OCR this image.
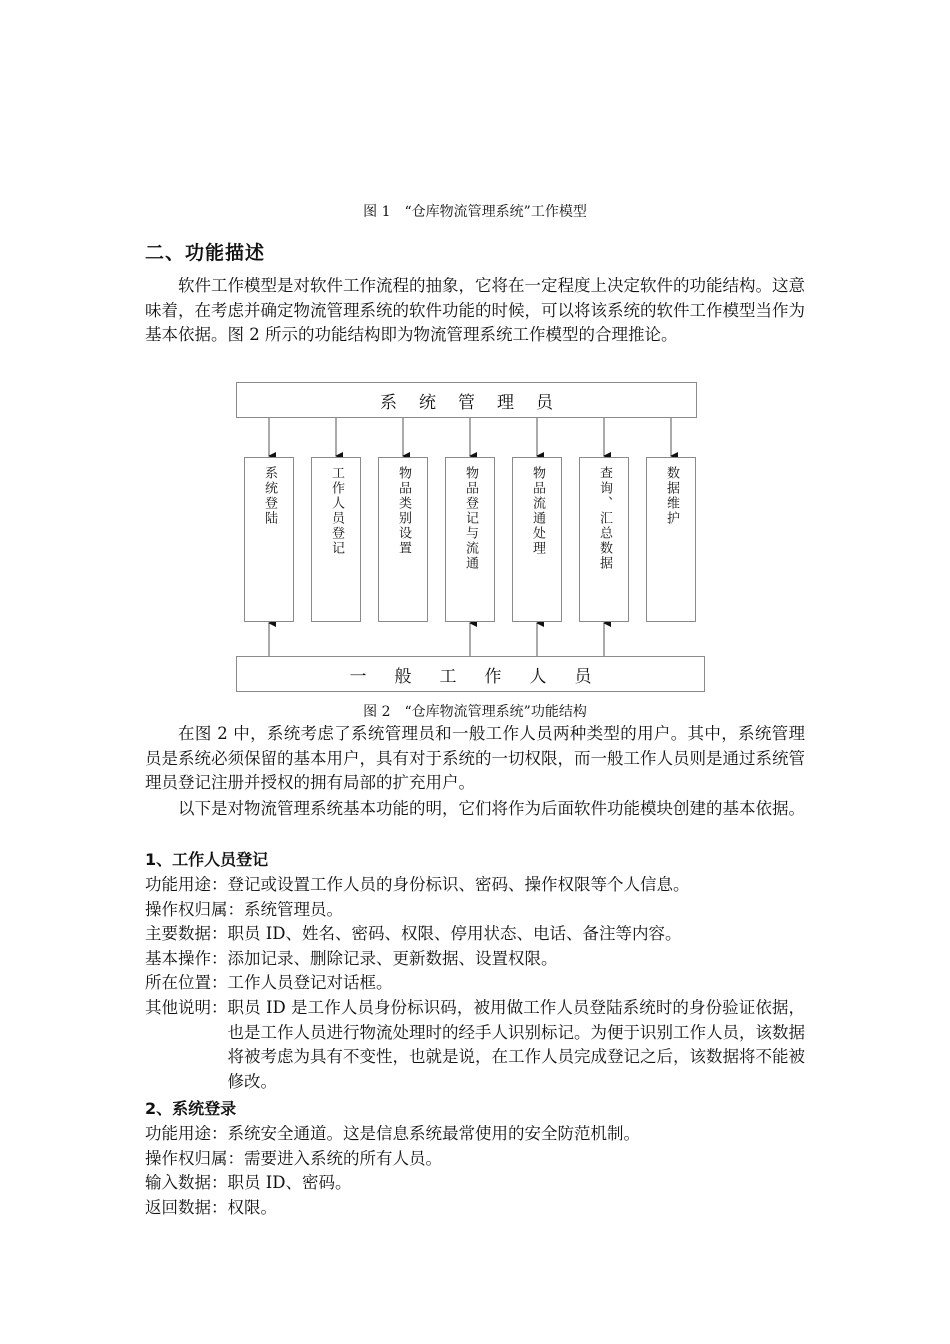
图 1　“仓库物流管理系统”工作模型
二、功能描述

软件工作模型是对软件工作流程的抽象，它将在一定程度上决定软件的功能结构。这意味着，在考虑并确定物流管理系统的软件功能的时候，可以将该系统的软件工作模型当作为基本依据。图 2 所示的功能结构即为物流管理系统工作模型的合理推论。

系统管理员
系统登陆	工作人员登记	物品类别设置	物品登记与流通	物品流通处理	查询、汇总数据	数据维护
一般工作人员
图 2　“仓库物流管理系统”功能结构

在图 2 中，系统考虑了系统管理员和一般工作人员两种类型的用户。其中，系统管理员是系统必须保留的基本用户，具有对于系统的一切权限，而一般工作人员则是通过系统管理员登记注册并授权的拥有局部的扩充用户。

以下是对物流管理系统基本功能的明，它们将作为后面软件功能模块创建的基本依据。

1、工作人员登记
功能用途：登记或设置工作人员的身份标识、密码、操作权限等个人信息。
操作权归属：系统管理员。
主要数据：职员 ID、姓名、密码、权限、停用状态、电话、备注等内容。
基本操作：添加记录、删除记录、更新数据、设置权限。
所在位置：工作人员登记对话框。
其他说明： 职员 ID 是工作人员身份标识码，被用做工作人员登陆系统时的身份验证依据，也是工作人员进行物流处理时的经手人识别标记。为便于识别工作人员，该数据将被考虑为具有不变性，也就是说，在工作人员完成登记之后，该数据将不能被修改。
2、系统登录
功能用途：系统安全通道。这是信息系统最常使用的安全防范机制。
操作权归属：需要进入系统的所有人员。
输入数据：职员 ID、密码。
返回数据：权限。
